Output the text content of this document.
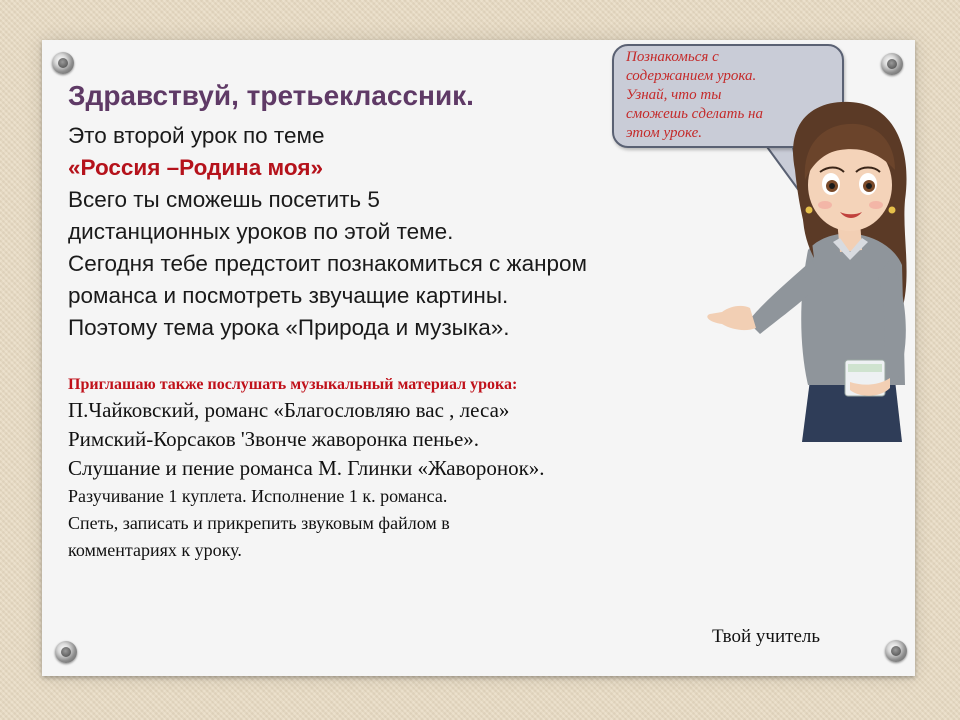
Здравствуй, третьеклассник.
Это второй урок по теме
«Россия –Родина моя»
Всего ты сможешь посетить 5
дистанционных уроков по этой теме.
Сегодня тебе предстоит познакомиться с жанром
романса и посмотреть звучащие картины.
Поэтому тема урока «Природа и музыка».
Приглашаю также послушать музыкальный материал урока:
П.Чайковский, романс «Благословляю вас , леса»
Римский-Корсаков 'Звонче жаворонка пенье».
Слушание и пение романса М. Глинки «Жаворонок».
Разучивание 1 куплета. Исполнение 1 к. романса.
Спеть, записать и прикрепить звуковым файлом в
комментариях к уроку.
Твой учитель
Познакомься с
содержанием урока.
Узнай, что ты
сможешь сделать на
этом уроке.
